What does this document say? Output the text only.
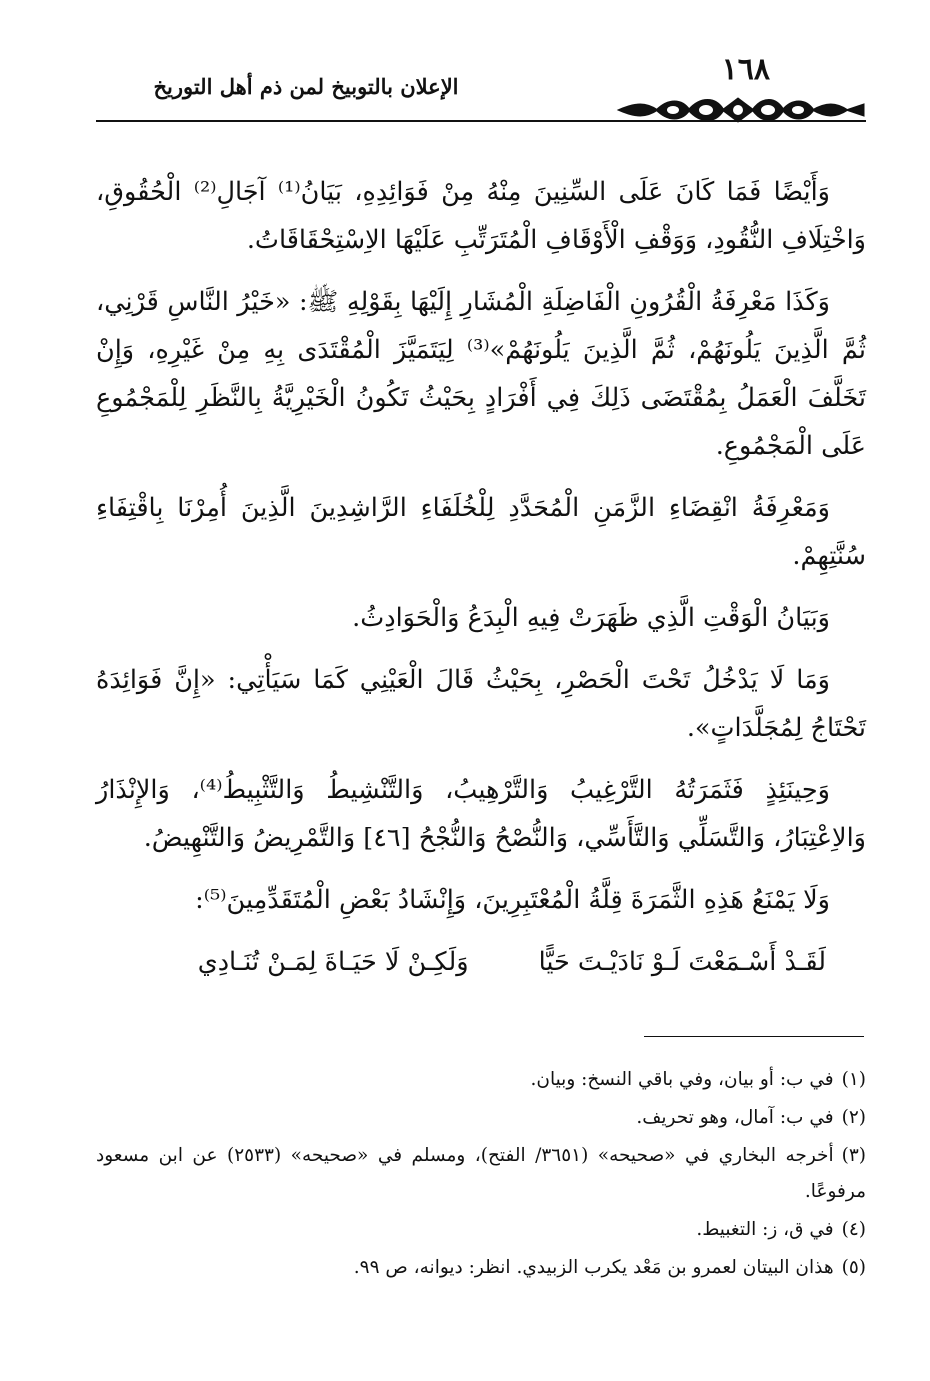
١٦٨
الإعلان بالتوبيخ لمن ذم أهل التوريخ

وَأَيْضًا فَمَا كَانَ عَلَى السِّنِينَ مِنْهُ مِنْ فَوَائِدِهِ، بَيَانُ⁽¹⁾ آجَالِ⁽²⁾ الْحُقُوقِ، وَاخْتِلَافِ النُّقُودِ، وَوَقْفِ الْأَوْقَافِ الْمُتَرَتِّبِ عَلَيْهَا الاِسْتِحْقَاقَاتُ.

وَكَذَا مَعْرِفَةُ الْقُرُونِ الْفَاضِلَةِ الْمُشَارِ إِلَيْهَا بِقَوْلِهِ ﷺ: «خَيْرُ النَّاسِ قَرْنِي، ثُمَّ الَّذِينَ يَلُونَهُمْ، ثُمَّ الَّذِينَ يَلُونَهُمْ»⁽³⁾ لِيَتَمَيَّزَ الْمُقْتَدَى بِهِ مِنْ غَيْرِهِ، وَإِنْ تَخَلَّفَ الْعَمَلُ بِمُقْتَضَى ذَلِكَ فِي أَفْرَادٍ بِحَيْثُ تَكُونُ الْخَيْرِيَّةُ بِالنَّظَرِ لِلْمَجْمُوعِ عَلَى الْمَجْمُوعِ.

وَمَعْرِفَةُ انْقِضَاءِ الزَّمَنِ الْمُحَدَّدِ لِلْخُلَفَاءِ الرَّاشِدِينَ الَّذِينَ أُمِرْنَا بِاقْتِفَاءِ سُنَّتِهِمْ.

وَبَيَانُ الْوَقْتِ الَّذِي ظَهَرَتْ فِيهِ الْبِدَعُ وَالْحَوَادِثُ.

وَمَا لَا يَدْخُلُ تَحْتَ الْحَصْرِ، بِحَيْثُ قَالَ الْعَيْنِي كَمَا سَيَأْتِي: «إِنَّ فَوَائِدَهُ تَحْتَاجُ لِمُجَلَّدَاتٍ».

وَحِينَئِذٍ فَثَمَرَتُهُ التَّرْغِيبُ وَالتَّرْهِيبُ، وَالتَّنْشِيطُ وَالتَّثْبِيطُ⁽⁴⁾، وَالإِنْذَارُ وَالاِعْتِبَارُ، وَالتَّسَلِّي وَالتَّأَسِّي، وَالنُّصْحُ وَالنُّجْحُ [٤٦] وَالتَّمْرِيضُ وَالتَّنْهِيضُ.

وَلَا يَمْنَعُ هَذِهِ الثَّمَرَةَ قِلَّةُ الْمُعْتَبِرِينَ، وَإِنْشَادُ بَعْضِ الْمُتَقَدِّمِينَ⁽⁵⁾:

لَقَـدْ أَسْـمَعْتَ لَـوْ نَادَيْـتَ حَيًّا
وَلَكِـنْ لَا حَيَـاةَ لِمَـنْ تُنَـادِي

(١)في ب: أو بيان، وفي باقي النسخ: وبيان.

(٢)في ب: آمال، وهو تحريف.

(٣)أخرجه البخاري في «صحيحه» (٣٦٥١/ الفتح)، ومسلم في «صحيحه» (٢٥٣٣) عن ابن مسعود مرفوعًا.

(٤)في ق، ز: التغبيط.

(٥)هذان البيتان لعمرو بن مَعْد يكرب الزبيدي. انظر: ديوانه، ص ٩٩.
